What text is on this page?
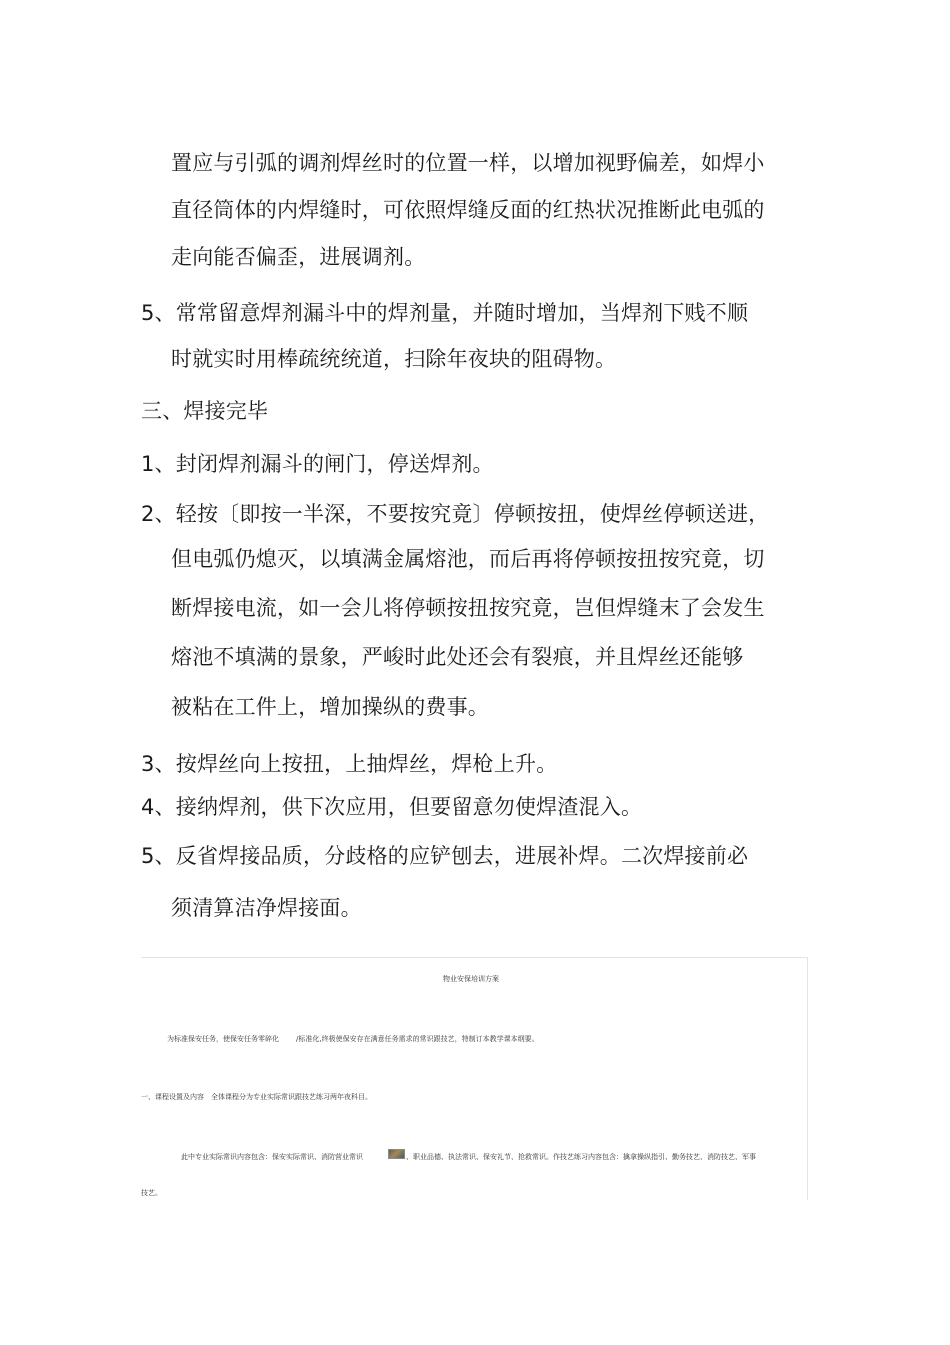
置应与引弧的调剂焊丝时的位置一样，以增加视野偏差，如焊小
直径筒体的内焊缝时，可依照焊缝反面的红热状况推断此电弧的
走向能否偏歪，进展调剂。
5、常常留意焊剂漏斗中的焊剂量，并随时增加，当焊剂下贱不顺
时就实时用棒疏统统道，扫除年夜块的阻碍物。
三、焊接完毕
1、封闭焊剂漏斗的闸门，停送焊剂。
2、轻按〔即按一半深，不要按究竟〕停顿按扭，使焊丝停顿送进，
但电弧仍熄灭，以填满金属熔池，而后再将停顿按扭按究竟，切
断焊接电流，如一会儿将停顿按扭按究竟，岂但焊缝末了会发生
熔池不填满的景象，严峻时此处还会有裂痕，并且焊丝还能够
被粘在工件上，增加操纵的费事。
3、按焊丝向上按扭，上抽焊丝，焊枪上升。
4、接纳焊剂，供下次应用，但要留意勿使焊渣混入。
5、反省焊接品质，分歧格的应铲刨去，进展补焊。二次焊接前必
须清算洁净焊接面。
物业安保培训方案
为标准保安任务，使保安任务零碎化 /标准化,终极使保安存在满意任务需求的常识跟技艺，特制订本教学课本纲要。
一、课程设置及内容　全体课程分为专业实际常识跟技艺练习两年夜科目。
此中专业实际常识内容包含：保安实际常识、消防营业常识	、职业品德、执法常识、保安礼节、抢救常识。作技艺练习内容包含：擒拿操纵指引、勤务技艺、消防技艺、军事
技艺。
